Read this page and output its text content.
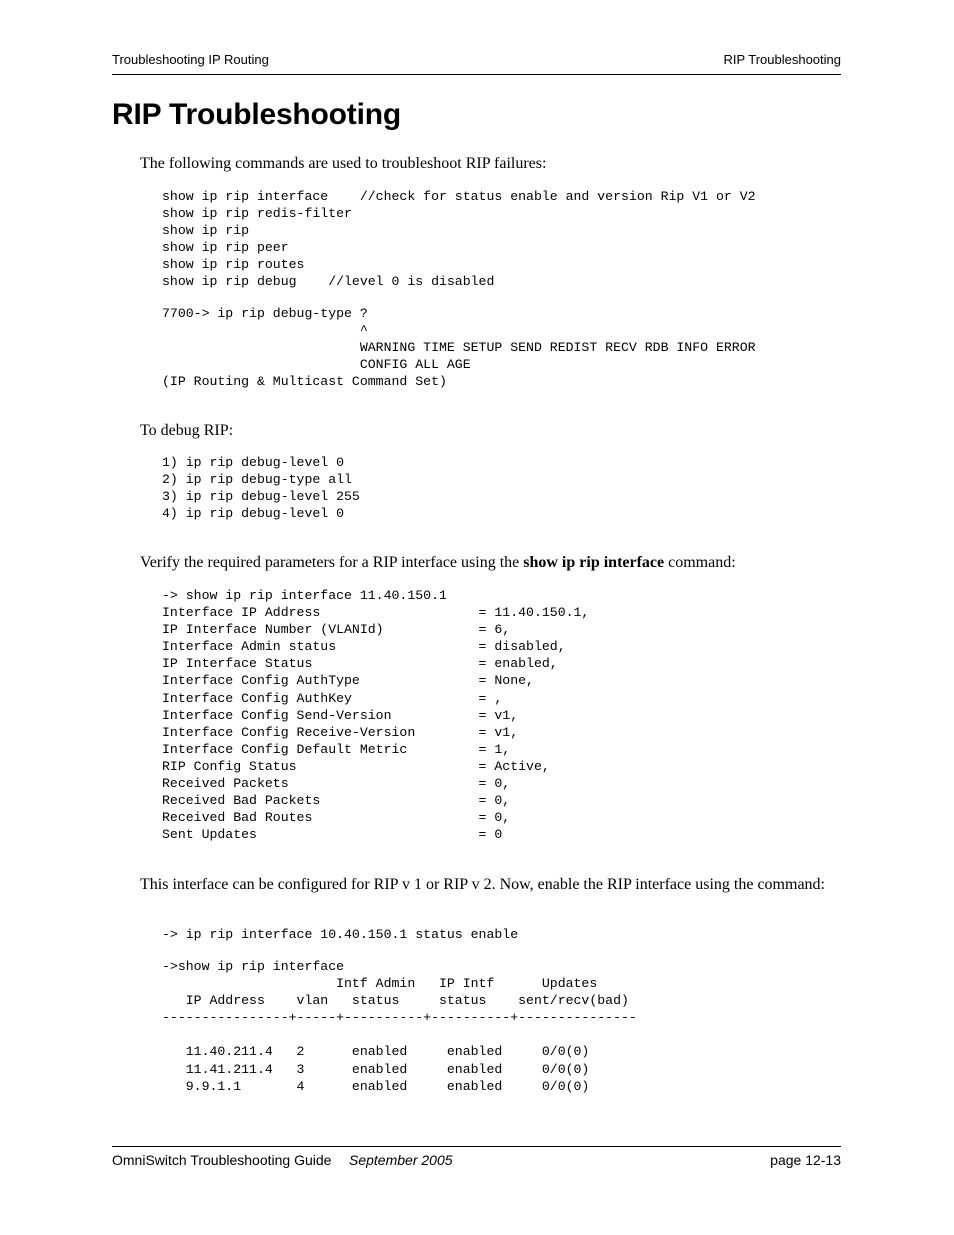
Troubleshooting IP Routing	RIP Troubleshooting
RIP Troubleshooting

The following commands are used to troubleshoot RIP failures:

show ip rip interface    //check for status enable and version Rip V1 or V2
show ip rip redis-filter
show ip rip
show ip rip peer
show ip rip routes
show ip rip debug    //level 0 is disabled
7700-> ip rip debug-type ?
^
WARNING TIME SETUP SEND REDIST RECV RDB INFO ERROR
CONFIG ALL AGE
(IP Routing & Multicast Command Set)

To debug RIP:

1) ip rip debug-level 0
2) ip rip debug-type all
3) ip rip debug-level 255
4) ip rip debug-level 0

Verify the required parameters for a RIP interface using the show ip rip interface command:

-> show ip rip interface 11.40.150.1
Interface IP Address                    = 11.40.150.1,
IP Interface Number (VLANId)            = 6,
Interface Admin status                  = disabled,
IP Interface Status                     = enabled,
Interface Config AuthType               = None,
Interface Config AuthKey                = ,
Interface Config Send-Version           = v1,
Interface Config Receive-Version        = v1,
Interface Config Default Metric         = 1,
RIP Config Status                       = Active,
Received Packets                        = 0,
Received Bad Packets                    = 0,
Received Bad Routes                     = 0,
Sent Updates                            = 0

This interface can be configured for RIP v 1 or RIP v 2. Now, enable the RIP interface using the command:

-> ip rip interface 10.40.150.1 status enable
->show ip rip interface
Intf Admin   IP Intf      Updates
IP Address    vlan   status     status    sent/recv(bad)
----------------+-----+----------+----------+---------------

11.40.211.4   2      enabled     enabled     0/0(0)
11.41.211.4   3      enabled     enabled     0/0(0)
9.9.1.1       4      enabled     enabled     0/0(0)
OmniSwitch Troubleshooting Guide September 2005	page 12-13
